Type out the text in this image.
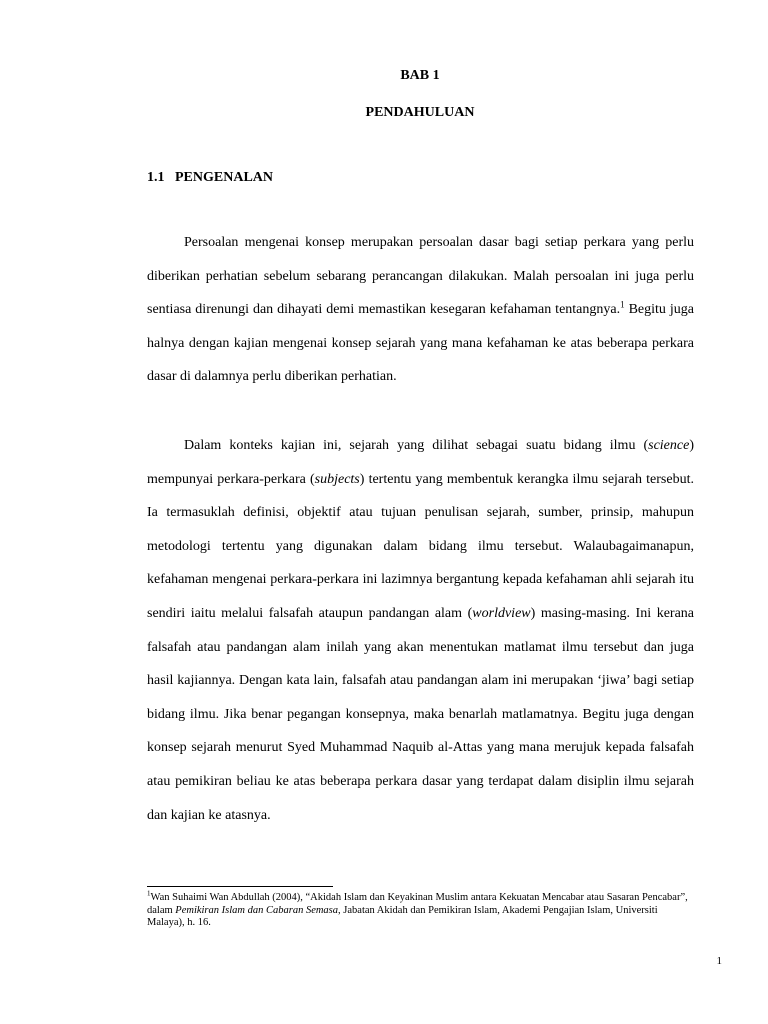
BAB 1
PENDAHULUAN
1.1 PENGENALAN

Persoalan mengenai konsep merupakan persoalan dasar bagi setiap perkara yang perlu diberikan perhatian sebelum sebarang perancangan dilakukan. Malah persoalan ini juga perlu sentiasa direnungi dan dihayati demi memastikan kesegaran kefahaman tentangnya.$^1$ Begitu juga halnya dengan kajian mengenai konsep sejarah yang mana kefahaman ke atas beberapa perkara dasar di dalamnya perlu diberikan perhatian.

Dalam konteks kajian ini, sejarah yang dilihat sebagai suatu bidang ilmu (science) mempunyai perkara-perkara (subjects) tertentu yang membentuk kerangka ilmu sejarah tersebut. Ia termasuklah definisi, objektif atau tujuan penulisan sejarah, sumber, prinsip, mahupun metodologi tertentu yang digunakan dalam bidang ilmu tersebut. Walaubagaimanapun, kefahaman mengenai perkara-perkara ini lazimnya bergantung kepada kefahaman ahli sejarah itu sendiri iaitu melalui falsafah ataupun pandangan alam (worldview) masing-masing. Ini kerana falsafah atau pandangan alam inilah yang akan menentukan matlamat ilmu tersebut dan juga hasil kajiannya. Dengan kata lain, falsafah atau pandangan alam ini merupakan ‘jiwa’ bagi setiap bidang ilmu. Jika benar pegangan konsepnya, maka benarlah matlamatnya. Begitu juga dengan konsep sejarah menurut Syed Muhammad Naquib al-Attas yang mana merujuk kepada falsafah atau pemikiran beliau ke atas beberapa perkara dasar yang terdapat dalam disiplin ilmu sejarah dan kajian ke atasnya.

$^1$Wan Suhaimi Wan Abdullah (2004), “Akidah Islam dan Keyakinan Muslim antara Kekuatan Mencabar atau Sasaran Pencabar”, dalam Pemikiran Islam dan Cabaran Semasa, Jabatan Akidah dan Pemikiran Islam, Akademi Pengajian Islam, Universiti Malaya), h. 16.

1
